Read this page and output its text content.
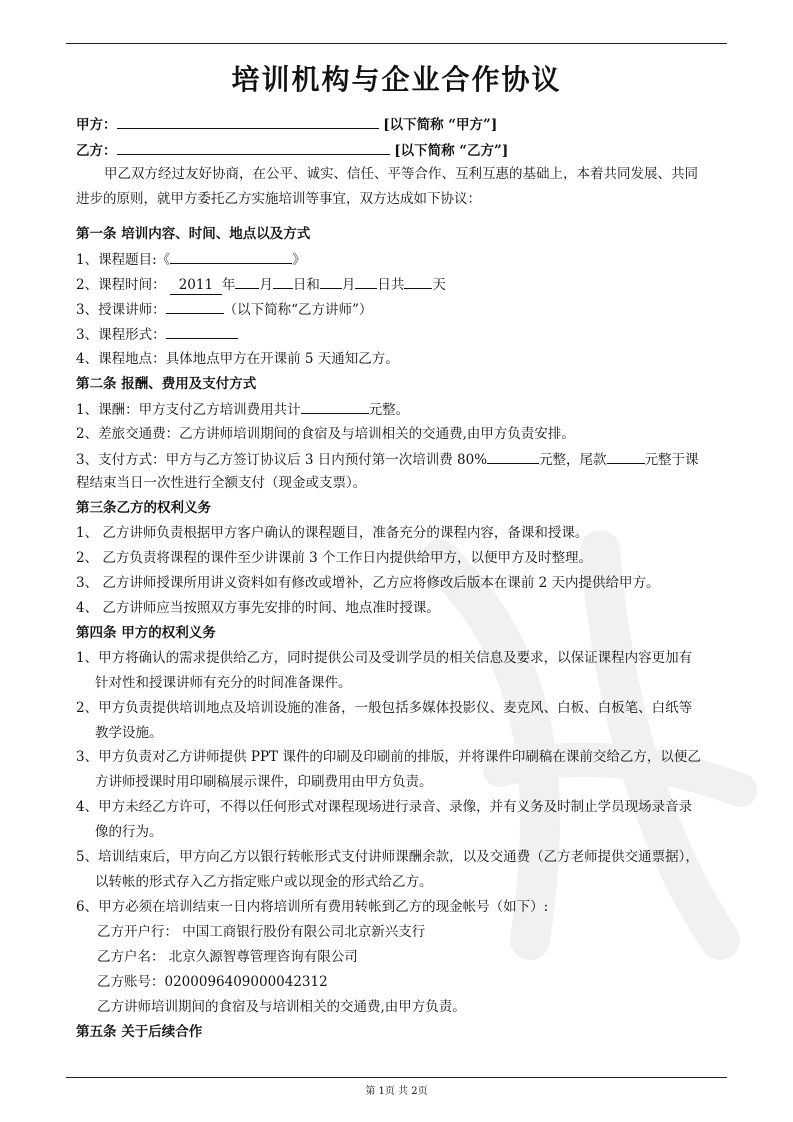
培训机构与企业合作协议
甲方：	[以下简称 “甲方”]
乙方：	[以下简称 “乙方”]
甲乙双方经过友好协商，在公平、诚实、信任、平等合作、互利互惠的基础上，本着共同发展、共同
进步的原则，就甲方委托乙方实施培训等事宜，双方达成如下协议：
第一条 培训内容、时间、地点以及方式
1、课程题目:《	》
2、课程时间： 2011 年 月 日和 月 日共 天
3、授课讲师：	（以下简称“乙方讲师”）
3、课程形式：
4、课程地点：具体地点甲方在开课前 5 天通知乙方。
第二条 报酬、费用及支付方式
1、课酬：甲方支付乙方培训费用共计	元整。
2、差旅交通费：乙方讲师培训期间的食宿及与培训相关的交通费,由甲方负责安排。
3、支付方式：甲方与乙方签订协议后 3 日内预付第一次培训费 80%	元整，尾款	元整于课
程结束当日一次性进行全额支付（现金或支票）。
第三条乙方的权利义务
1、 乙方讲师负责根据甲方客户确认的课程题目，准备充分的课程内容，备课和授课。
2、 乙方负责将课程的课件至少讲课前 3 个工作日内提供给甲方，以便甲方及时整理。
3、 乙方讲师授课所用讲义资料如有修改或增补，乙方应将修改后版本在课前 2 天内提供给甲方。
4、 乙方讲师应当按照双方事先安排的时间、地点准时授课。
第四条 甲方的权利义务
1、甲方将确认的需求提供给乙方，同时提供公司及受训学员的相关信息及要求，以保证课程内容更加有
针对性和授课讲师有充分的时间准备课件。
2、甲方负责提供培训地点及培训设施的准备，一般包括多媒体投影仪、麦克风、白板、白板笔、白纸等
教学设施。
3、甲方负责对乙方讲师提供 PPT 课件的印刷及印刷前的排版，并将课件印刷稿在课前交给乙方，以便乙
方讲师授课时用印刷稿展示课件，印刷费用由甲方负责。
4、甲方未经乙方许可，不得以任何形式对课程现场进行录音、录像，并有义务及时制止学员现场录音录
像的行为。
5、培训结束后，甲方向乙方以银行转帐形式支付讲师课酬余款，以及交通费（乙方老师提供交通票据），
以转帐的形式存入乙方指定账户或以现金的形式给乙方。
6、甲方必须在培训结束一日内将培训所有费用转帐到乙方的现金帐号（如下）:
乙方开户行： 中国工商银行股份有限公司北京新兴支行
乙方户名： 北京久源智尊管理咨询有限公司
乙方账号：0200096409000042312
乙方讲师培训期间的食宿及与培训相关的交通费,由甲方负责。
第五条 关于后续合作
第 1页 共 2页
